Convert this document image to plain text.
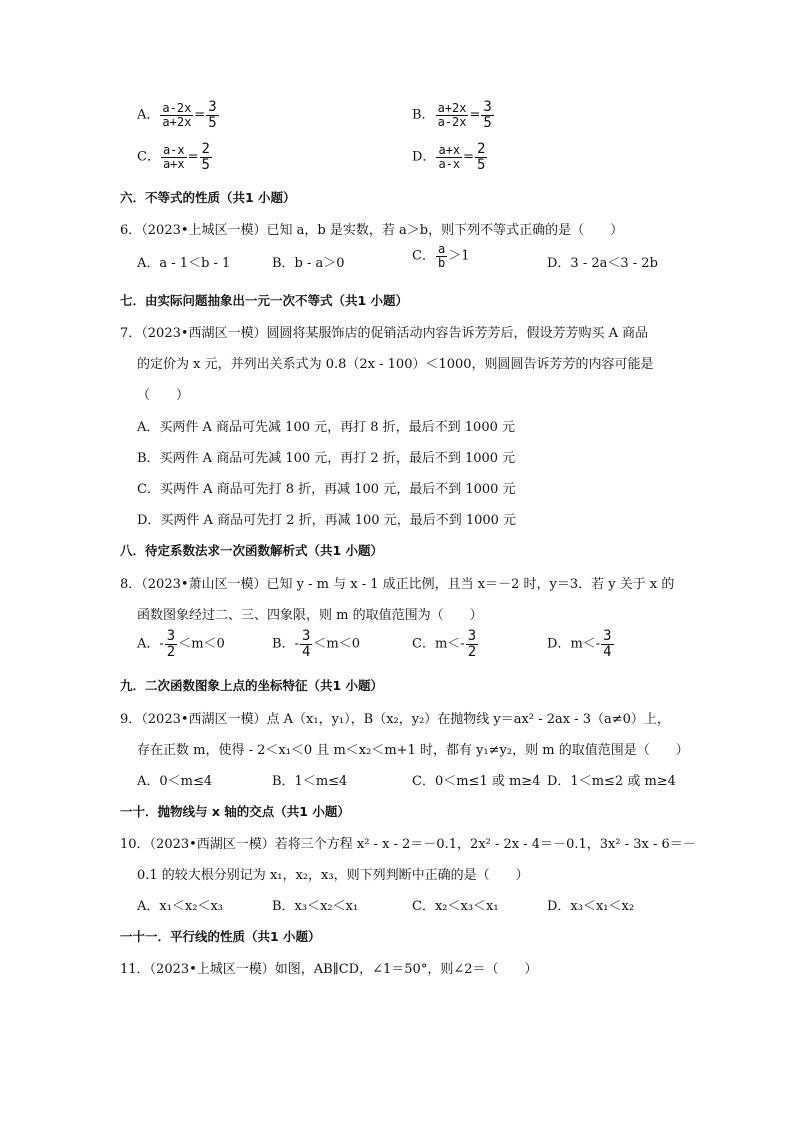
A． $\frac{a-2x}{a+2x} = \frac{3}{5}$	B． $\frac{a+2x}{a-2x} = \frac{3}{5}$
C． $\frac{a-x}{a+x} = \frac{2}{5}$	D． $\frac{a+x}{a-x} = \frac{2}{5}$
六．不等式的性质（共1 小题）
6．（2023•上城区一模）已知 a，b 是实数，若 a＞b，则下列不等式正确的是（　　）
A．a - 1＜b - 1	B．b - a＞0	C． $\frac{a}{b} >1$	D．3 - 2a＜3 - 2b
七．由实际问题抽象出一元一次不等式（共1 小题）
7．（2023•西湖区一模）圆圆将某服饰店的促销活动内容告诉芳芳后，假设芳芳购买 A 商品
的定价为 x 元，并列出关系式为 0.8（2x - 100）＜1000，则圆圆告诉芳芳的内容可能是
（　　）
A．买两件 A 商品可先减 100 元，再打 8 折，最后不到 1000 元
B．买两件 A 商品可先减 100 元，再打 2 折，最后不到 1000 元
C．买两件 A 商品可先打 8 折，再减 100 元，最后不到 1000 元
D．买两件 A 商品可先打 2 折，再减 100 元，最后不到 1000 元
八．待定系数法求一次函数解析式（共1 小题）
8．（2023•萧山区一模）已知 y - m 与 x - 1 成正比例，且当 x＝－2 时，y＝3．若 y 关于 x 的
函数图象经过二、三、四象限，则 m 的取值范围为（　　）
A．- $\frac{3}{2} <m<0$	B．- $\frac{3}{4} <m<0$	C．$m<- \frac{3}{2}$	D．$m<- \frac{3}{4}$
九．二次函数图象上点的坐标特征（共1 小题）
9．（2023•西湖区一模）点 A（x₁，y₁），B（x₂，y₂）在抛物线 y＝ax² - 2ax - 3（a≠0）上，
存在正数 m，使得 - 2＜x₁＜0 且 m＜x₂＜m+1 时，都有 y₁≠y₂，则 m 的取值范围是（　　）
A．0＜m≤4	B．1＜m≤4	C．0＜m≤1 或 m≥4 D．1＜m≤2 或 m≥4
一十．抛物线与 x 轴的交点（共1 小题）
10．（2023•西湖区一模）若将三个方程 x² - x - 2＝－0.1，2x² - 2x - 4＝－0.1，3x² - 3x - 6＝－
0.1 的较大根分别记为 x₁，x₂，x₃，则下列判断中正确的是（　　）
A．x₁＜x₂＜x₃	B．x₃＜x₂＜x₁	C．x₂＜x₃＜x₁	D．x₃＜x₁＜x₂
一十一．平行线的性质（共1 小题）
11．（2023•上城区一模）如图，AB∥CD，∠1＝50°，则∠2＝（　　）
